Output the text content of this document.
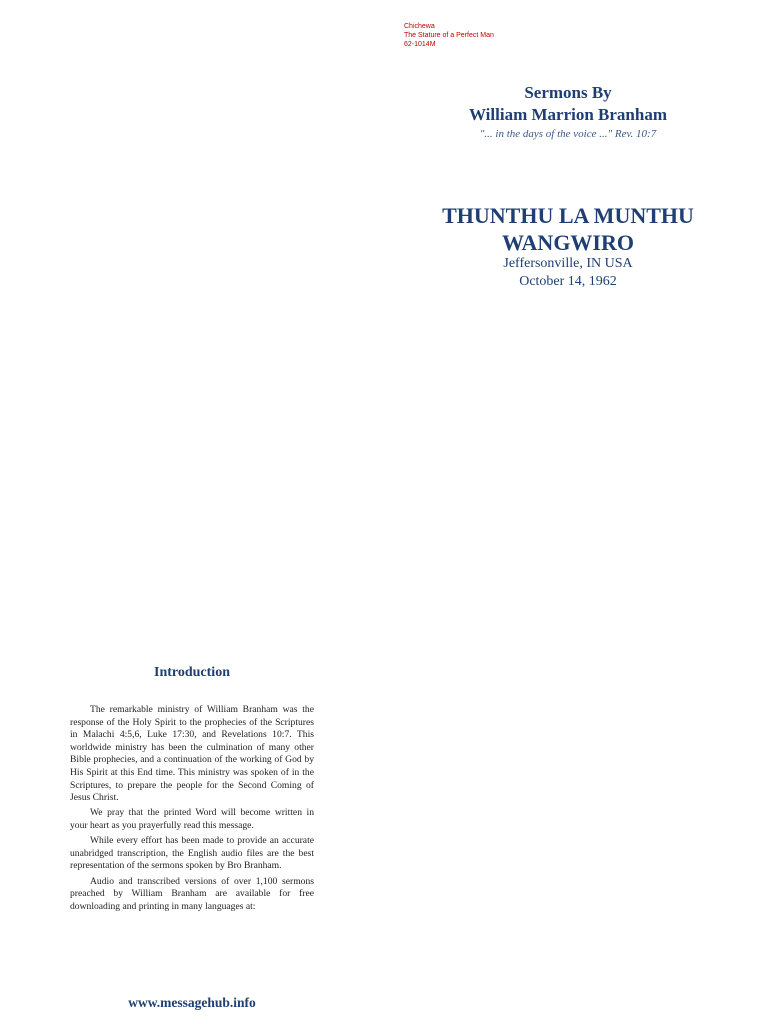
Chichewa
The Stature of a Perfect Man
62-1014M
Sermons By
William Marrion Branham
"... in the days of the voice ..." Rev. 10:7
THUNTHU LA MUNTHU
WANGWIRO
Jeffersonville, IN USA
October 14, 1962
Introduction

The remarkable ministry of William Branham was the response of the Holy Spirit to the prophecies of the Scriptures in Malachi 4:5,6, Luke 17:30, and Revelations 10:7. This worldwide ministry has been the culmination of many other Bible prophecies, and a continuation of the working of God by His Spirit at this End time. This ministry was spoken of in the Scriptures, to prepare the people for the Second Coming of Jesus Christ.

We pray that the printed Word will become written in your heart as you prayerfully read this message.

While every effort has been made to provide an accurate unabridged transcription, the English audio files are the best representation of the sermons spoken by Bro Branham.

Audio and transcribed versions of over 1,100 sermons preached by William Branham are available for free downloading and printing in many languages at:

www.messagehub.info
